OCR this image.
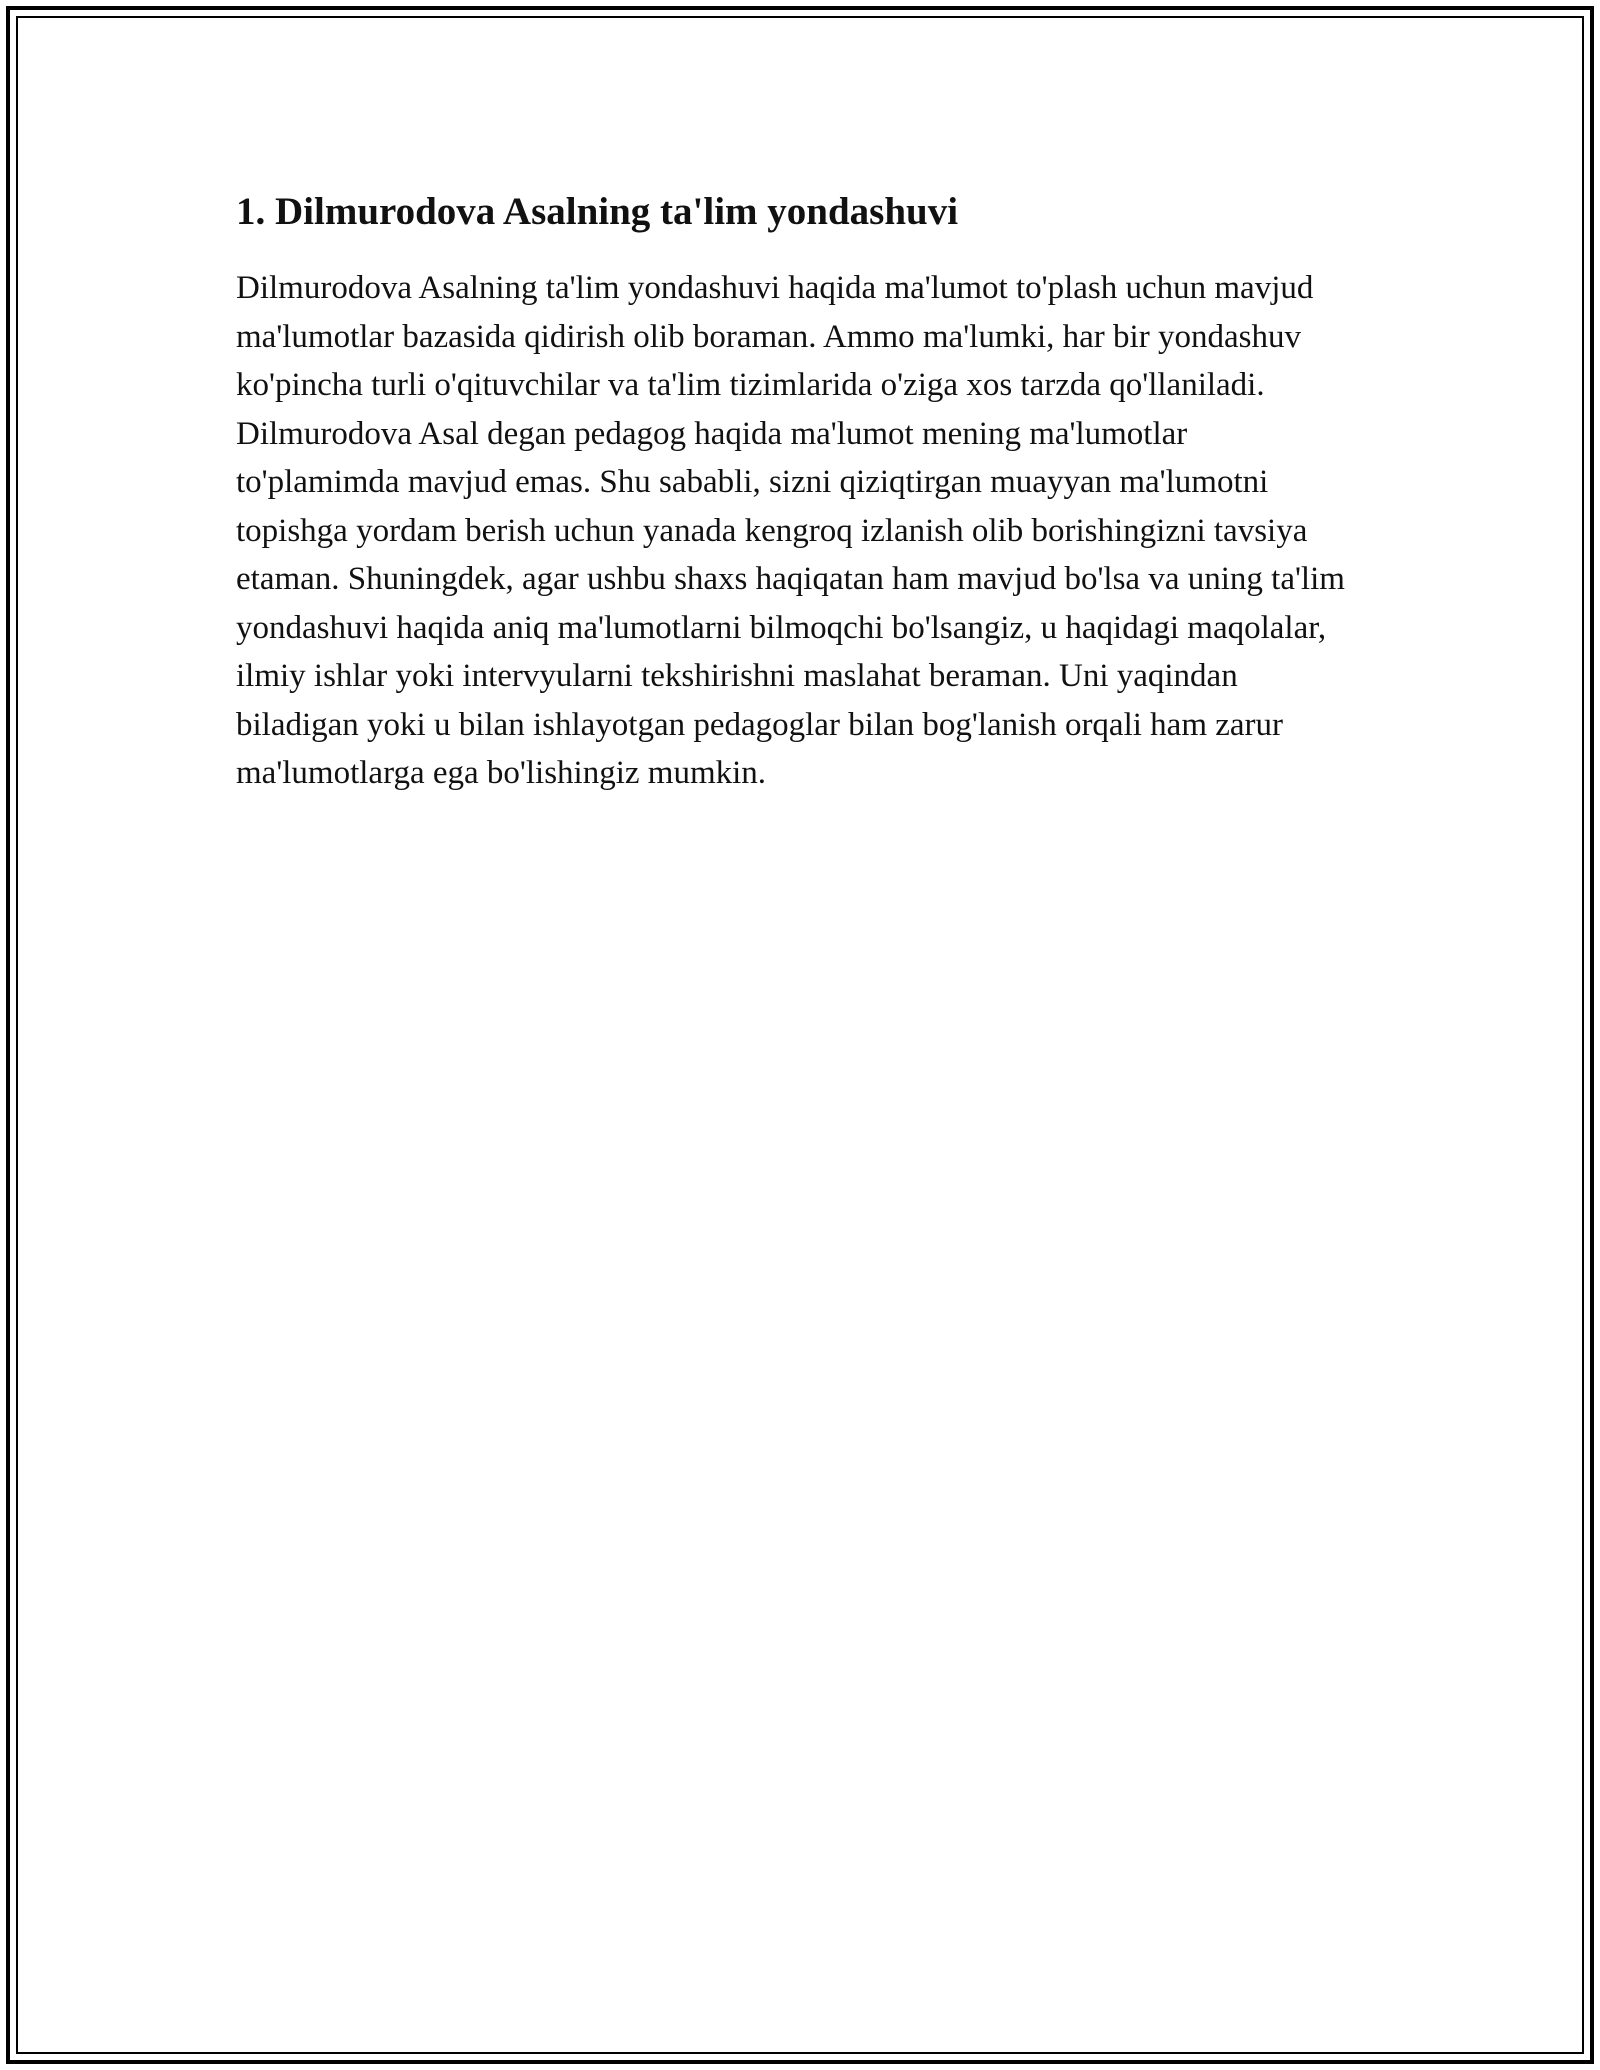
1. Dilmurodova Asalning ta'lim yondashuvi

Dilmurodova Asalning ta'lim yondashuvi haqida ma'lumot to'plash uchun mavjud ma'lumotlar bazasida qidirish olib boraman. Ammo ma'lumki, har bir yondashuv ko'pincha turli o'qituvchilar va ta'lim tizimlarida o'ziga xos tarzda qo'llaniladi. Dilmurodova Asal degan pedagog haqida ma'lumot mening ma'lumotlar to'plamimda mavjud emas. Shu sababli, sizni qiziqtirgan muayyan ma'lumotni topishga yordam berish uchun yanada kengroq izlanish olib borishingizni tavsiya etaman. Shuningdek, agar ushbu shaxs haqiqatan ham mavjud bo'lsa va uning ta'lim yondashuvi haqida aniq ma'lumotlarni bilmoqchi bo'lsangiz, u haqidagi maqolalar, ilmiy ishlar yoki intervyularni tekshirishni maslahat beraman. Uni yaqindan biladigan yoki u bilan ishlayotgan pedagoglar bilan bog'lanish orqali ham zarur ma'lumotlarga ega bo'lishingiz mumkin.
